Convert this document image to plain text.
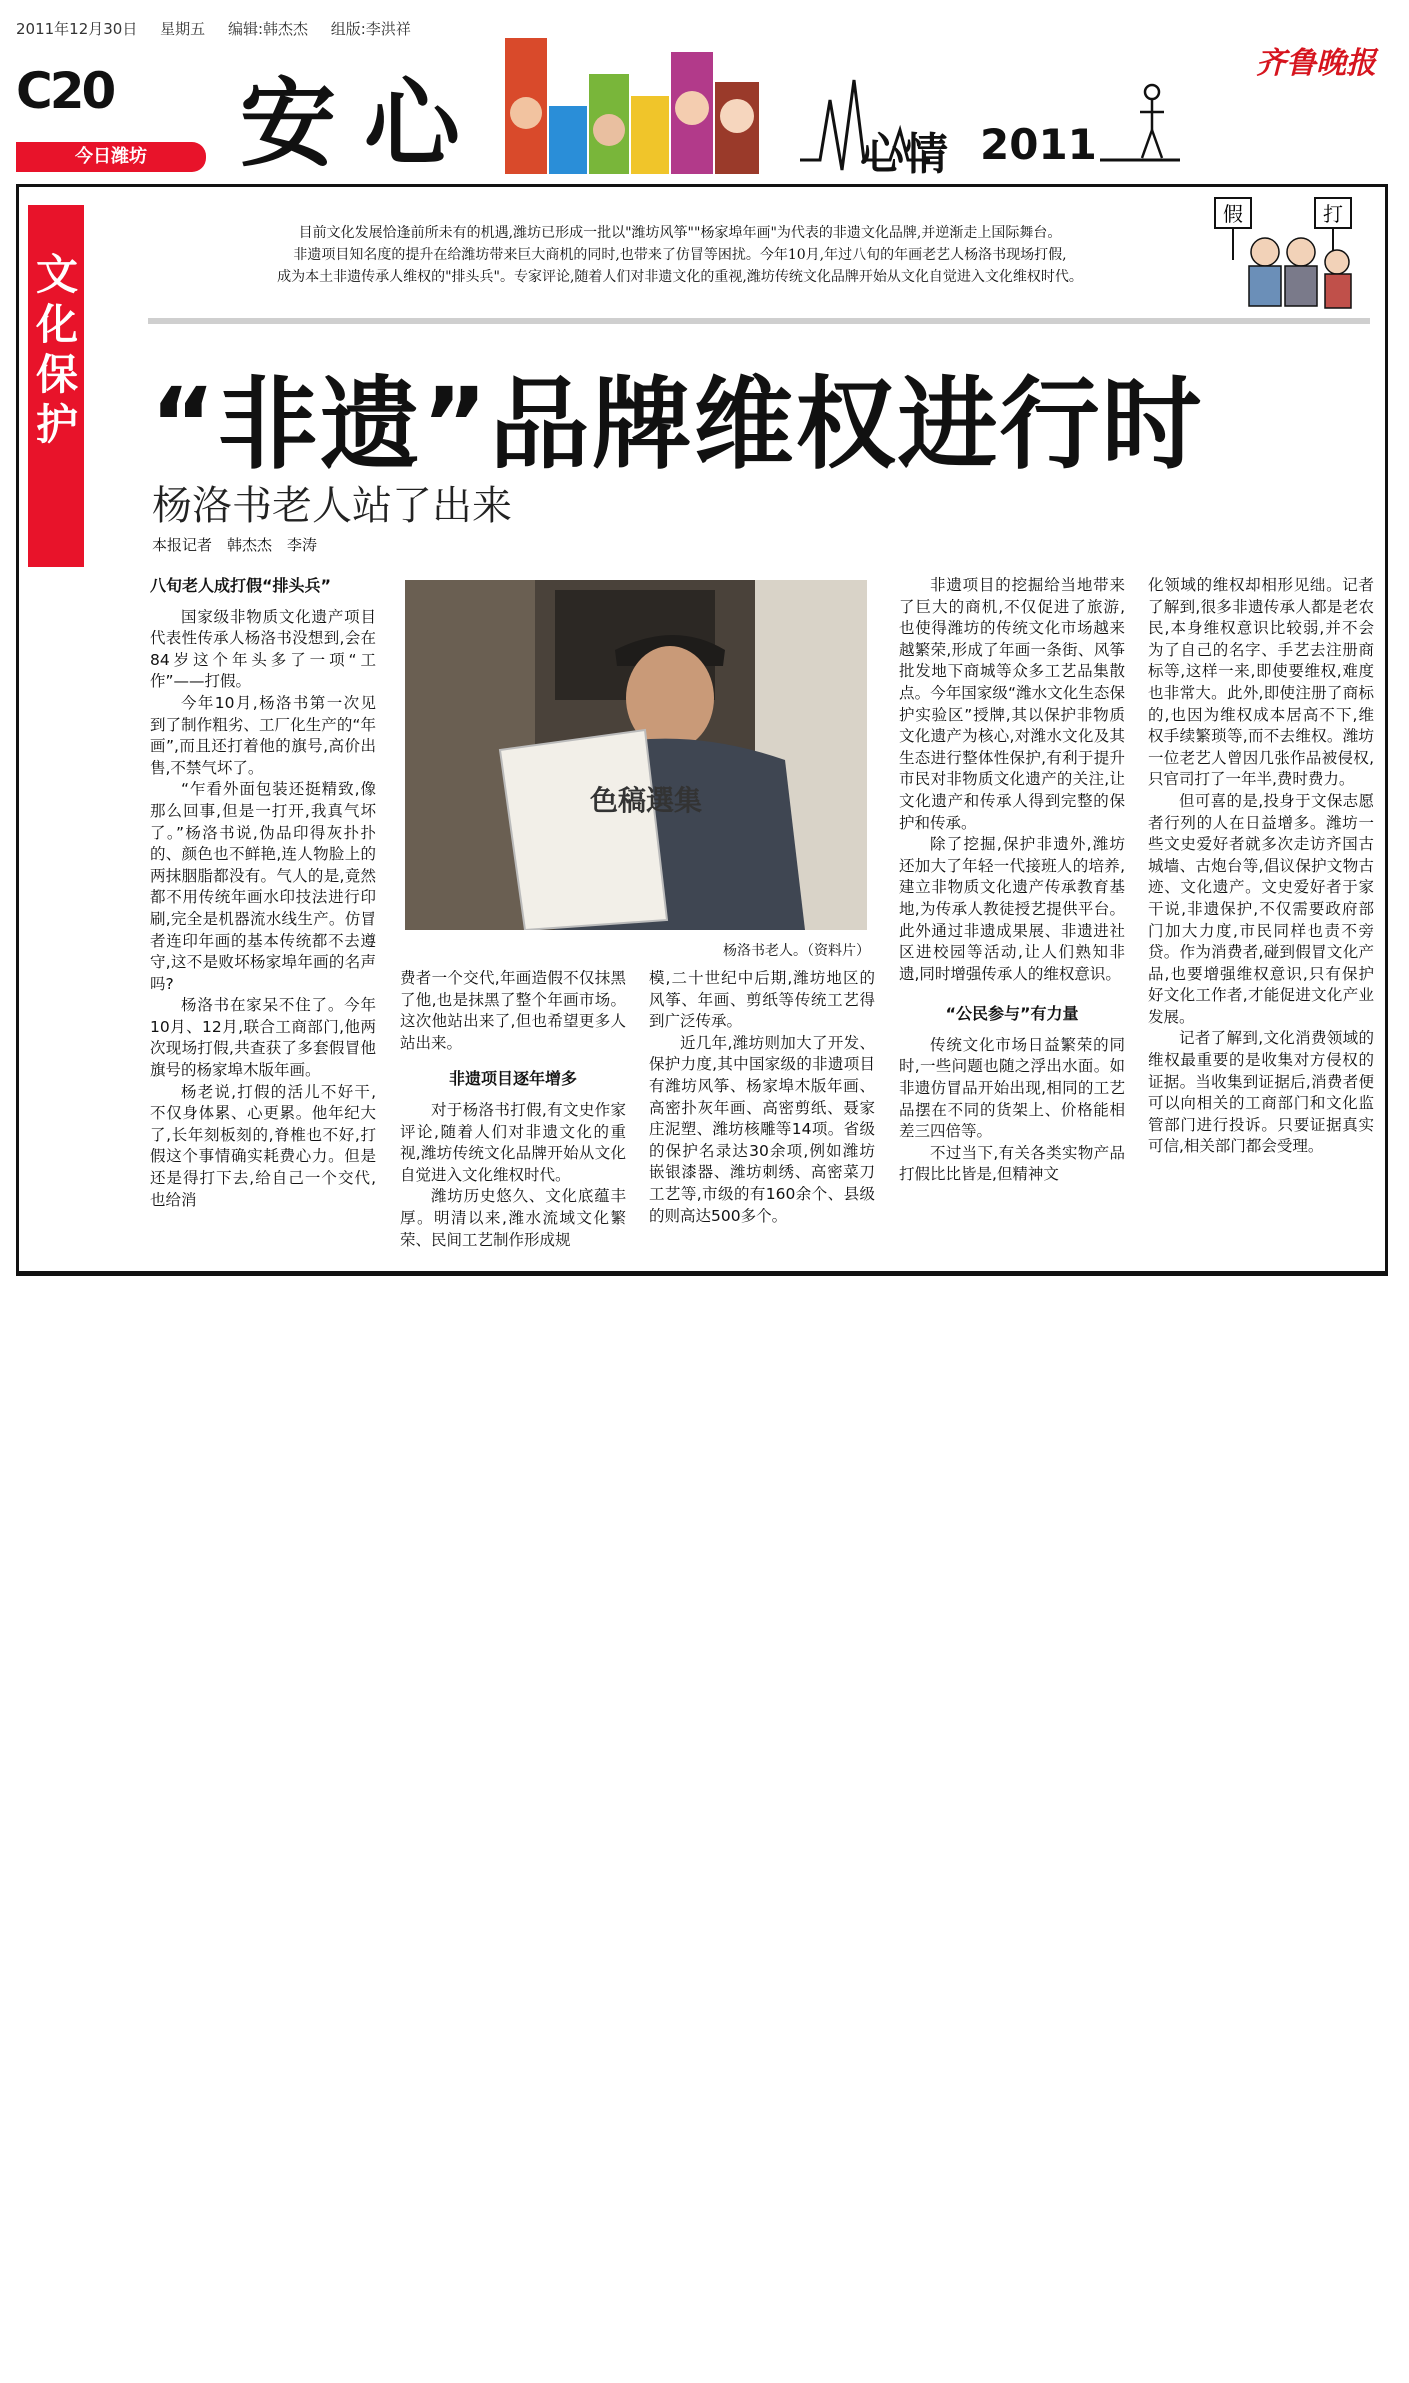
2011年12月30日 星期五 编辑:韩杰杰 组版:李洪祥
C20
今日潍坊 安心	心情 2011
齐鲁晚报
文化保护
目前文化发展恰逢前所未有的机遇,潍坊已形成一批以"潍坊风筝""杨家埠年画"为代表的非遗文化品牌,并逆渐走上国际舞台。
非遗项目知名度的提升在给潍坊带来巨大商机的同时,也带来了仿冒等困扰。今年10月,年过八旬的年画老艺人杨洛书现场打假,
成为本土非遗传承人维权的"排头兵"。专家评论,随着人们对非遗文化的重视,潍坊传统文化品牌开始从文化自觉进入文化维权时代。
假	打
“非遗”品牌维权进行时
杨洛书老人站了出来
本报记者　韩杰杰　李涛
色稿選集
杨洛书老人。（资料片）
八旬老人成打假“排头兵”

国家级非物质文化遗产项目代表性传承人杨洛书没想到,会在84岁这个年头多了一项“工作”——打假。

今年10月,杨洛书第一次见到了制作粗劣、工厂化生产的“年画”,而且还打着他的旗号,高价出售,不禁气坏了。

“乍看外面包装还挺精致,像那么回事,但是一打开,我真气坏了。”杨洛书说,伪品印得灰扑扑的、颜色也不鲜艳,连人物脸上的两抹胭脂都没有。气人的是,竟然都不用传统年画水印技法进行印刷,完全是机器流水线生产。仿冒者连印年画的基本传统都不去遵守,这不是败坏杨家埠年画的名声吗?

杨洛书在家呆不住了。今年10月、12月,联合工商部门,他两次现场打假,共查获了多套假冒他旗号的杨家埠木版年画。

杨老说,打假的活儿不好干,不仅身体累、心更累。他年纪大了,长年刻板刻的,脊椎也不好,打假这个事情确实耗费心力。但是还是得打下去,给自己一个交代,也给消

费者一个交代,年画造假不仅抹黑了他,也是抹黑了整个年画市场。这次他站出来了,但也希望更多人站出来。

非遗项目逐年增多

对于杨洛书打假,有文史作家评论,随着人们对非遗文化的重视,潍坊传统文化品牌开始从文化自觉进入文化维权时代。

潍坊历史悠久、文化底蕴丰厚。明清以来,潍水流域文化繁荣、民间工艺制作形成规

模,二十世纪中后期,潍坊地区的风筝、年画、剪纸等传统工艺得到广泛传承。

近几年,潍坊则加大了开发、保护力度,其中国家级的非遗项目有潍坊风筝、杨家埠木版年画、高密扑灰年画、高密剪纸、聂家庄泥塑、潍坊核雕等14项。省级的保护名录达30余项,例如潍坊嵌银漆器、潍坊刺绣、高密菜刀工艺等,市级的有160余个、县级的则高达500多个。

非遗项目的挖掘给当地带来了巨大的商机,不仅促进了旅游,也使得潍坊的传统文化市场越来越繁荣,形成了年画一条街、风筝批发地下商城等众多工艺品集散点。今年国家级“潍水文化生态保护实验区”授牌,其以保护非物质文化遗产为核心,对潍水文化及其生态进行整体性保护,有利于提升市民对非物质文化遗产的关注,让文化遗产和传承人得到完整的保护和传承。

除了挖掘,保护非遗外,潍坊还加大了年轻一代接班人的培养,建立非物质文化遗产传承教育基地,为传承人教徒授艺提供平台。此外通过非遗成果展、非遗进社区进校园等活动,让人们熟知非遗,同时增强传承人的维权意识。

“公民参与”有力量

传统文化市场日益繁荣的同时,一些问题也随之浮出水面。如非遗仿冒品开始出现,相同的工艺品摆在不同的货架上、价格能相差三四倍等。

不过当下,有关各类实物产品打假比比皆是,但精神文

化领域的维权却相形见绌。记者了解到,很多非遗传承人都是老农民,本身维权意识比较弱,并不会为了自己的名字、手艺去注册商标等,这样一来,即使要维权,难度也非常大。此外,即使注册了商标的,也因为维权成本居高不下,维权手续繁琐等,而不去维权。潍坊一位老艺人曾因几张作品被侵权,只官司打了一年半,费时费力。

但可喜的是,投身于文保志愿者行列的人在日益增多。潍坊一些文史爱好者就多次走访齐国古城墙、古炮台等,倡议保护文物古迹、文化遗产。文史爱好者于家干说,非遗保护,不仅需要政府部门加大力度,市民同样也责不旁贷。作为消费者,碰到假冒文化产品,也要增强维权意识,只有保护好文化工作者,才能促进文化产业发展。

记者了解到,文化消费领域的维权最重要的是收集对方侵权的证据。当收集到证据后,消费者便可以向相关的工商部门和文化监管部门进行投诉。只要证据真实可信,相关部门都会受理。
